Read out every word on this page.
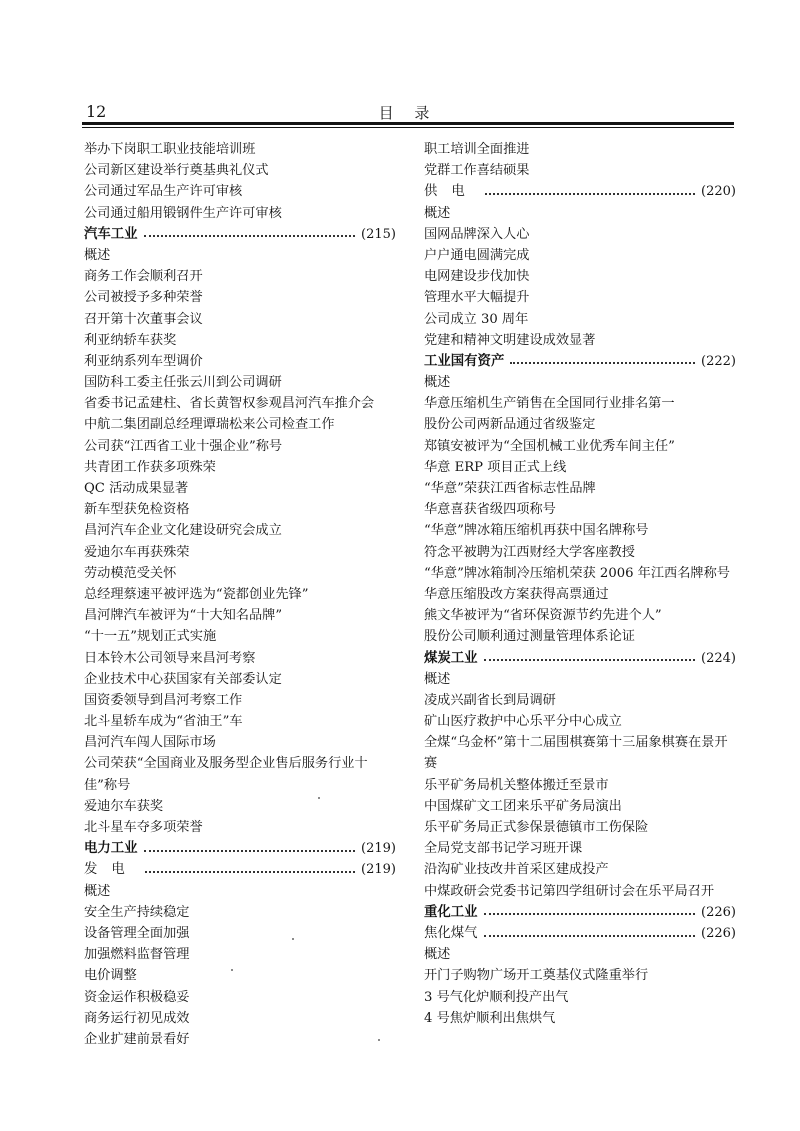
12	目 录
举办下岗职工职业技能培训班
公司新区建设举行奠基典礼仪式
公司通过军品生产许可审核
公司通过船用锻钢件生产许可审核
汽车工业	(215)
概述
商务工作会顺利召开
公司被授予多种荣誉
召开第十次董事会议
利亚纳轿车获奖
利亚纳系列车型调价
国防科工委主任张云川到公司调研
省委书记孟建柱、省长黄智权参观昌河汽车推介会
中航二集团副总经理谭瑞松来公司检查工作
公司获“江西省工业十强企业”称号
共青团工作获多项殊荣
QC 活动成果显著
新车型获免检资格
昌河汽车企业文化建设研究会成立
爱迪尔车再获殊荣
劳动模范受关怀
总经理蔡速平被评选为“瓷都创业先锋”
昌河牌汽车被评为“十大知名品牌”
“十一五”规划正式实施
日本铃木公司领导来昌河考察
企业技术中心获国家有关部委认定
国资委领导到昌河考察工作
北斗星轿车成为“省油王”车
昌河汽车闯人国际市场
公司荣获“全国商业及服务型企业售后服务行业十佳”称号
爱迪尔车获奖
北斗星车夺多项荣誉
电力工业	(219)
发电	(219)
概述
安全生产持续稳定
设备管理全面加强
加强燃料监督管理
电价调整
资金运作积极稳妥
商务运行初见成效
企业扩建前景看好
职工培训全面推进
党群工作喜结硕果
供电	(220)
概述
国网品牌深入人心
户户通电圆满完成
电网建设步伐加快
管理水平大幅提升
公司成立 30 周年
党建和精神文明建设成效显著
工业国有资产	(222)
概述
华意压缩机生产销售在全国同行业排名第一
股份公司两新品通过省级鉴定
郑镇安被评为“全国机械工业优秀车间主任”
华意 ERP 项目正式上线
“华意”荣获江西省标志性品牌
华意喜获省级四项称号
“华意”牌冰箱压缩机再获中国名牌称号
符念平被聘为江西财经大学客座教授
“华意”牌冰箱制冷压缩机荣获 2006 年江西名牌称号
华意压缩股改方案获得高票通过
熊文华被评为“省环保资源节约先进个人”
股份公司顺利通过测量管理体系论证
煤炭工业	(224)
概述
凌成兴副省长到局调研
矿山医疗救护中心乐平分中心成立
全煤“乌金杯”第十二届围棋赛第十三届象棋赛在景开赛
乐平矿务局机关整体搬迁至景市
中国煤矿文工团来乐平矿务局演出
乐平矿务局正式参保景德镇市工伤保险
全局党支部书记学习班开课
沿沟矿业技改井首采区建成投产
中煤政研会党委书记第四学组研讨会在乐平局召开
重化工业	(226)
焦化煤气	(226)
概述
开门子购物广场开工奠基仪式隆重举行
3 号气化炉顺利投产出气
4 号焦炉顺利出焦烘气
